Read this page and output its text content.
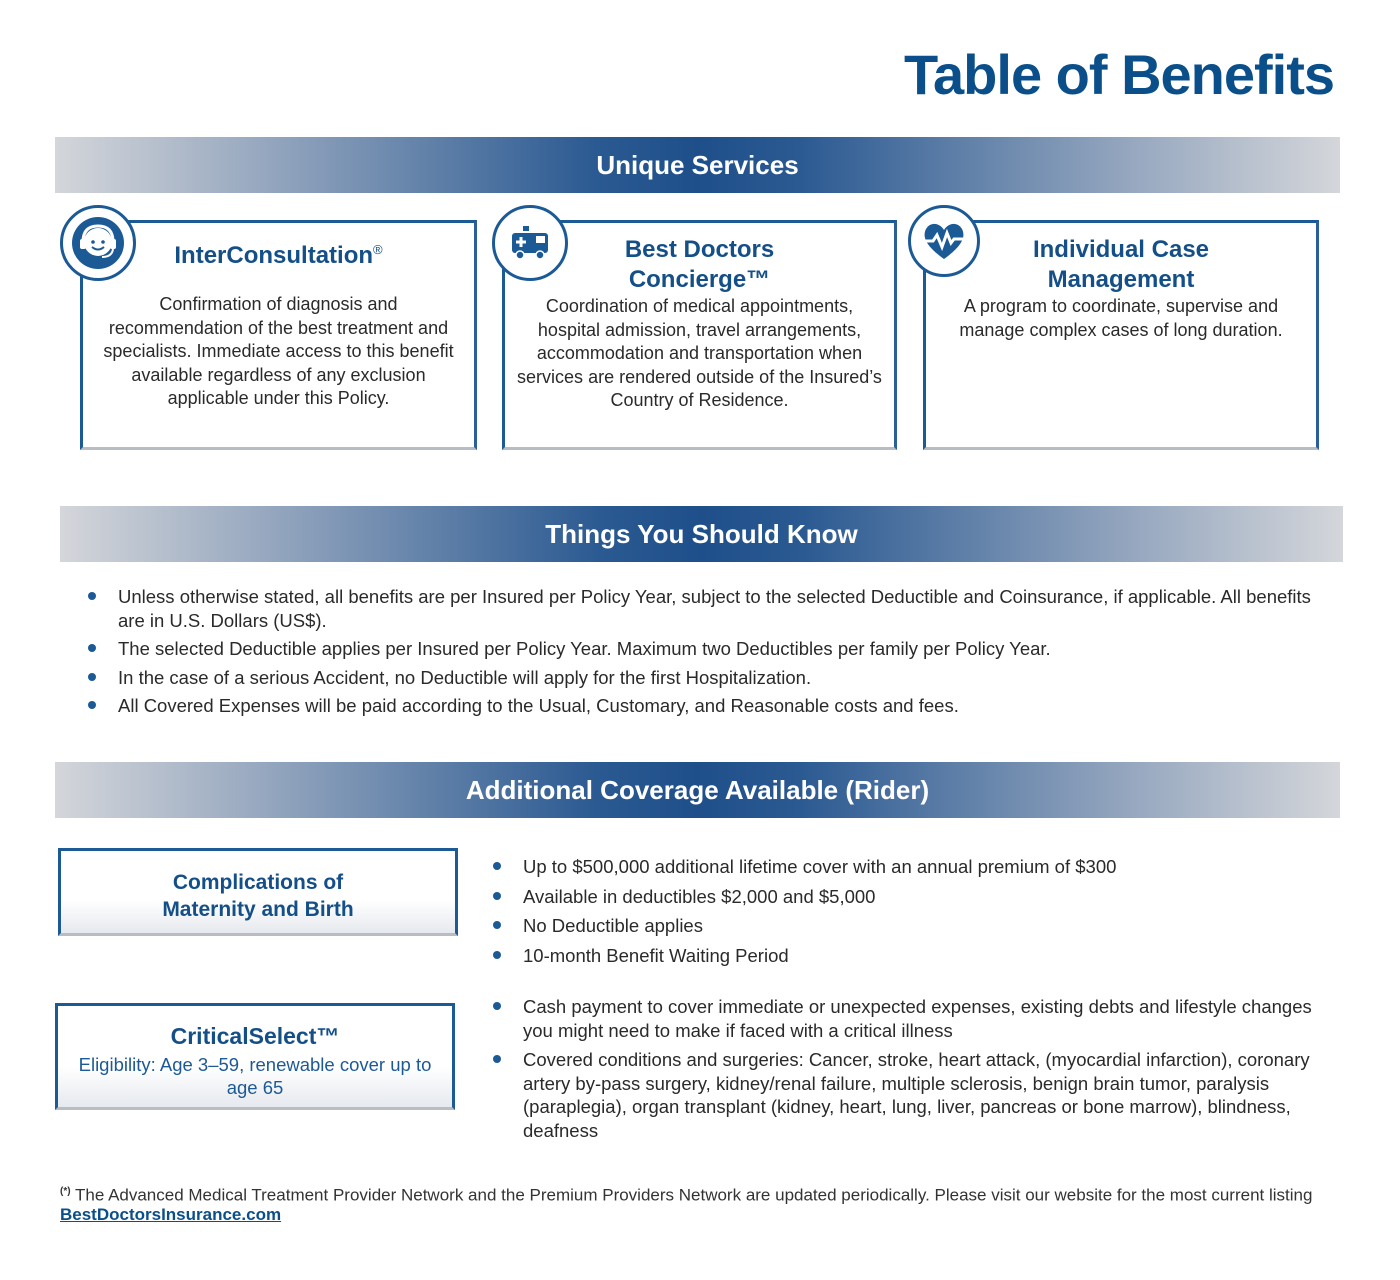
Table of Benefits
Unique Services
InterConsultation®
Confirmation of diagnosis and recommendation of the best treatment and specialists. Immediate access to this benefit available regardless of any exclusion applicable under this Policy.
Best Doctors Concierge™
Coordination of medical appointments, hospital admission, travel arrangements, accommodation and transportation when services are rendered outside of the Insured’s Country of Residence.
Individual Case Management
A program to coordinate, supervise and manage complex cases of long duration.
Things You Should Know
Unless otherwise stated, all benefits are per Insured per Policy Year, subject to the selected Deductible and Coinsurance, if applicable. All benefits are in U.S. Dollars (US$).
The selected Deductible applies per Insured per Policy Year. Maximum two Deductibles per family per Policy Year.
In the case of a serious Accident, no Deductible will apply for the first Hospitalization.
All Covered Expenses will be paid according to the Usual, Customary, and Reasonable costs and fees.
Additional Coverage Available (Rider)
Complications of
Maternity and Birth
Up to $500,000 additional lifetime cover with an annual premium of $300
Available in deductibles $2,000 and $5,000
No Deductible applies
10-month Benefit Waiting Period
CriticalSelect™
Eligibility: Age 3–59, renewable cover up to age 65
Cash payment to cover immediate or unexpected expenses, existing debts and lifestyle changes you might need to make if faced with a critical illness
Covered conditions and surgeries: Cancer, stroke, heart attack, (myocardial infarction), coronary artery by-pass surgery, kidney/renal failure, multiple sclerosis, benign brain tumor, paralysis (paraplegia), organ transplant (kidney, heart, lung, liver, pancreas or bone marrow), blindness, deafness
(*) The Advanced Medical Treatment Provider Network and the Premium Providers Network are updated periodically. Please visit our website for the most current listing BestDoctorsInsurance.com
